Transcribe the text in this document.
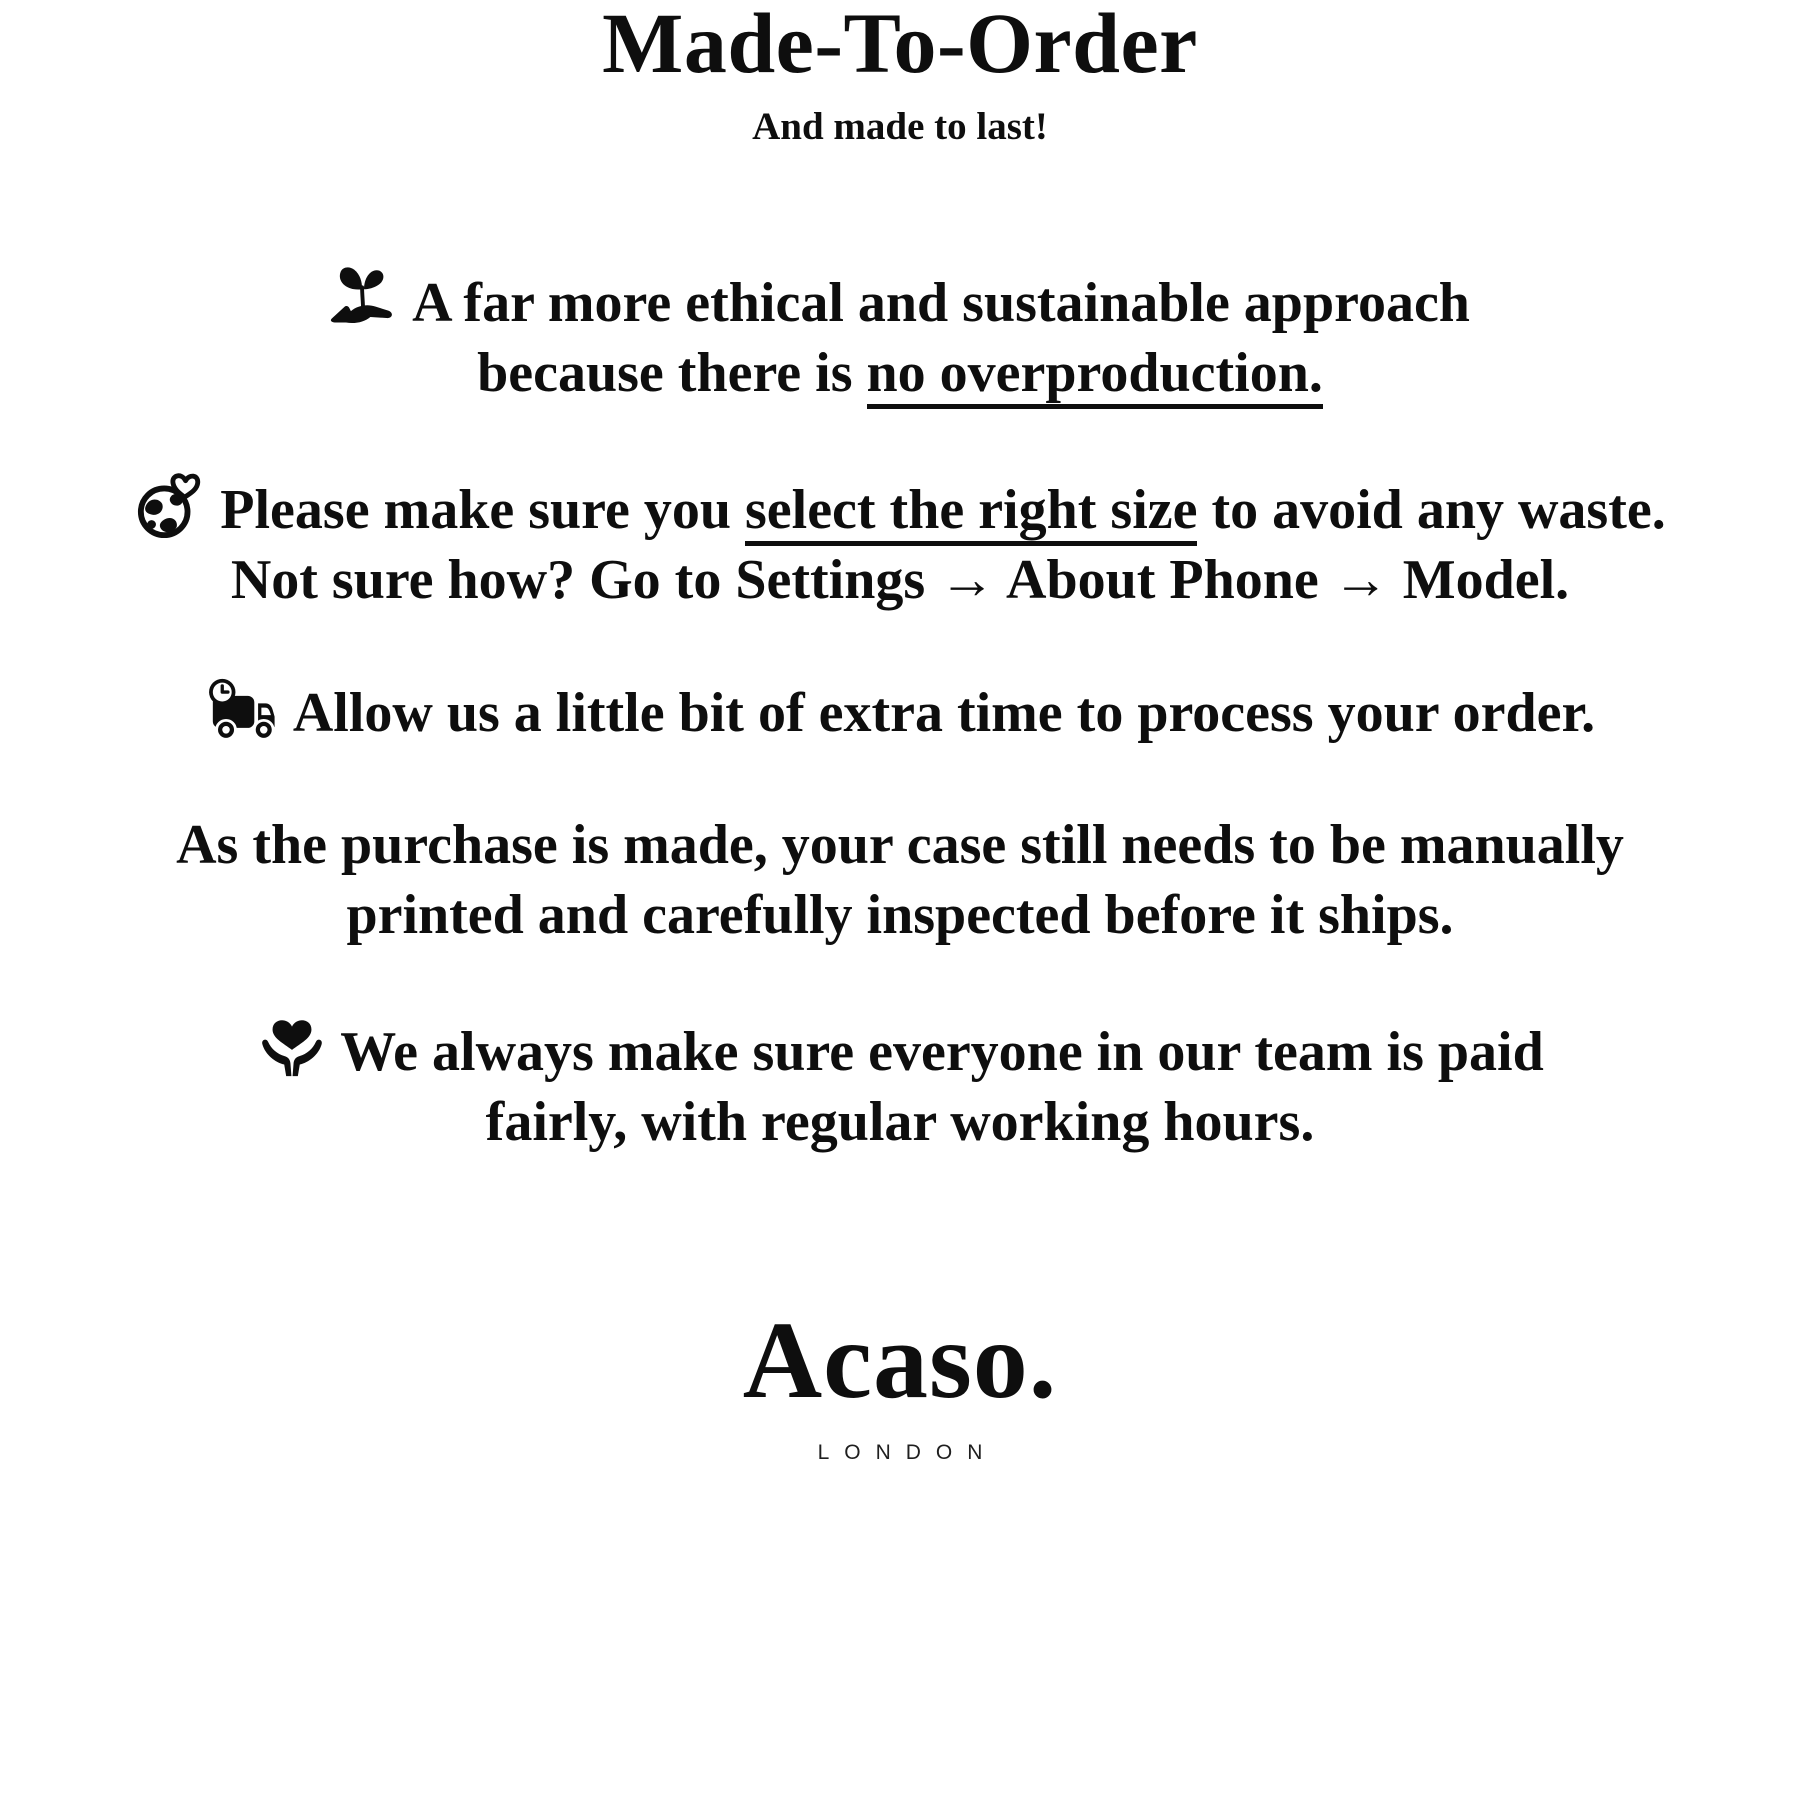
Made-To-Order
And made to last!

A far more ethical and sustainable approach
because there is no overproduction.

Please make sure you select the right size to avoid any waste.
Not sure how? Go to Settings → About Phone → Model.

Allow us a little bit of extra time to process your order.

As the purchase is made, your case still needs to be manually
printed and carefully inspected before it ships.

We always make sure everyone in our team is paid
fairly, with regular working hours.

Acaso.
LONDON
